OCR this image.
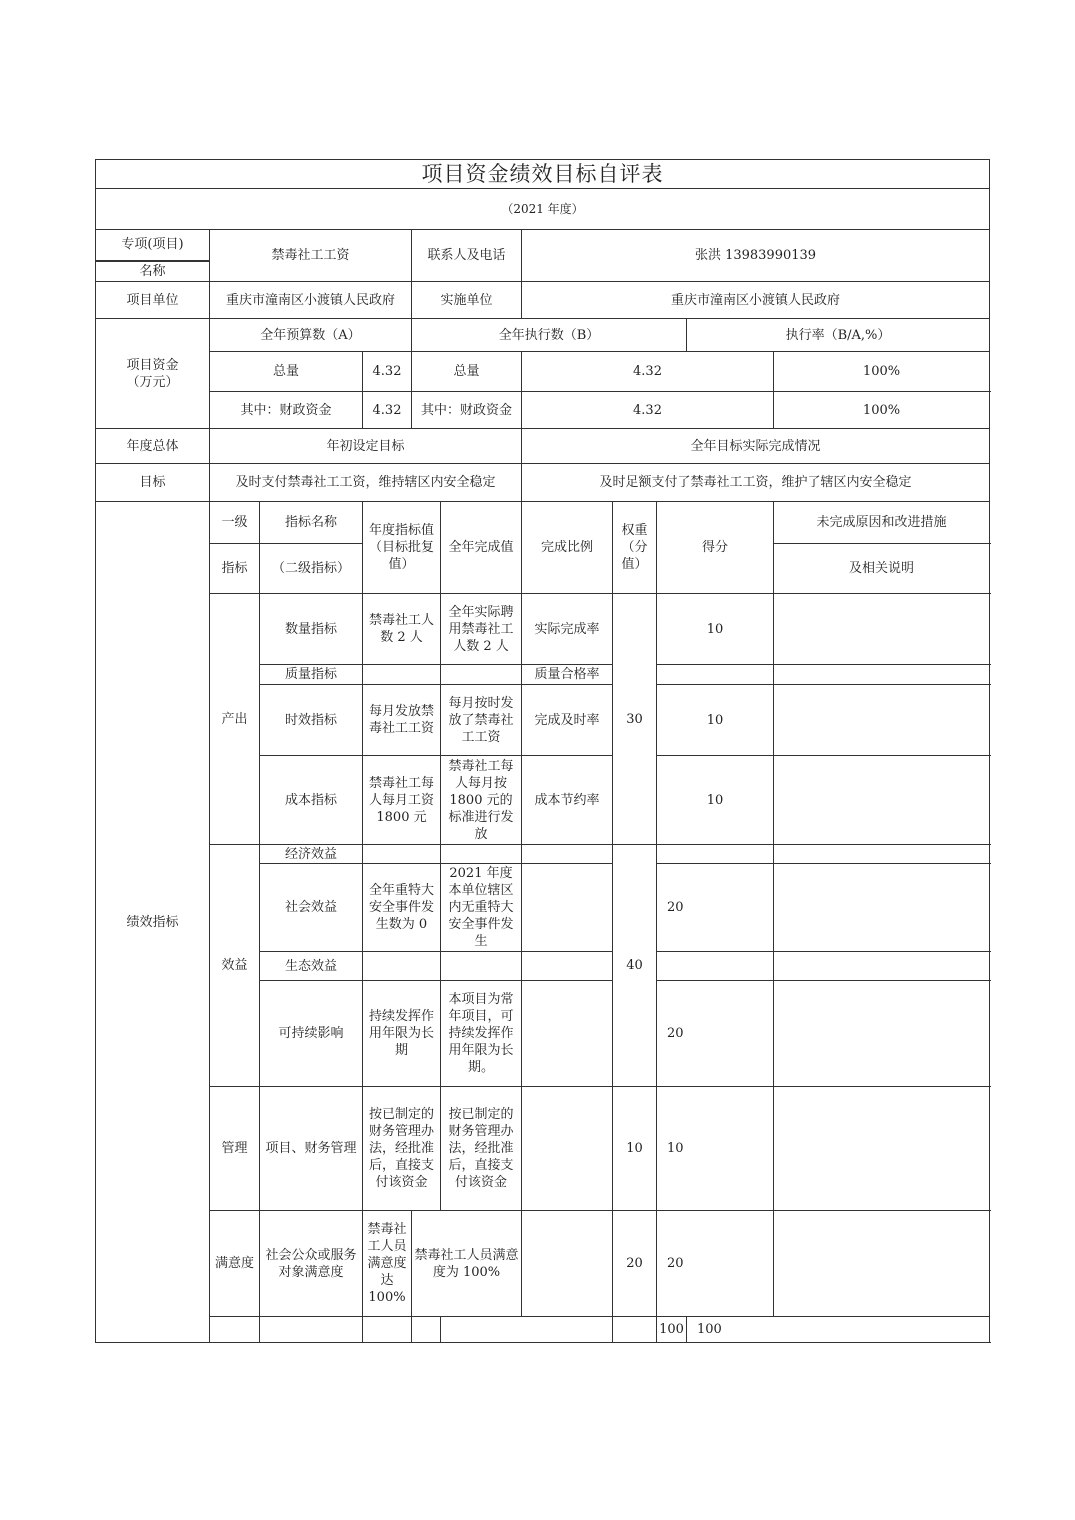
项目资金绩效目标自评表											
（2021 年度）											

专项(项目)	禁毒社工工资			联系人及电话		张洪 13983990139					
名称											
项目单位	重庆市潼南区小渡镇人民政府			实施单位		重庆市潼南区小渡镇人民政府					

项目资金
（万元）	全年预算数（A）			全年执行数（B）					执行率（B/A,%）		
	总量		4.32	总量		4.32				100%	
	其中：财政资金		4.32	其中：财政资金		4.32				100%	
年度总体	年初设定目标					全年目标实际完成情况					
目标	及时支付禁毒社工工资，维持辖区内安全稳定					及时足额支付了禁毒社工工资，维护了辖区内安全稳定					
绩效指标	一级	指标名称	年度指标值（目标批复值）		全年完成值	完成比例	权重（分值）	得分		未完成原因和改进措施	
	指标	（二级指标）								及相关说明	
	产出	数量指标	禁毒社工人数 2 人		全年实际聘用禁毒社工人数 2 人	实际完成率	30	10			
		质量指标				质量合格率					
		时效指标	每月发放禁毒社工工资		每月按时发放了禁毒社工工资	完成及时率		10			
		成本指标	禁毒社工每人每月工资 1800 元		禁毒社工每人每月按 1800 元的标准进行发放	成本节约率		10			
	效益	经济效益					40				
		社会效益	全年重特大安全事件发生数为 0		2021 年度本单位辖区内无重特大安全事件发生			20			
		生态效益									
		可持续影响	持续发挥作用年限为长期		本项目为常年项目，可持续发挥作用年限为长期。			20			
	管理	项目、财务管理	按已制定的财务管理办法，经批准后，直接支付该资金		按已制定的财务管理办法，经批准后，直接支付该资金		10	10			
	满意度	社会公众或服务对象满意度	禁毒社工人员满意度达 100%	禁毒社工人员满意度为 100%			20	20			
								100	100		
